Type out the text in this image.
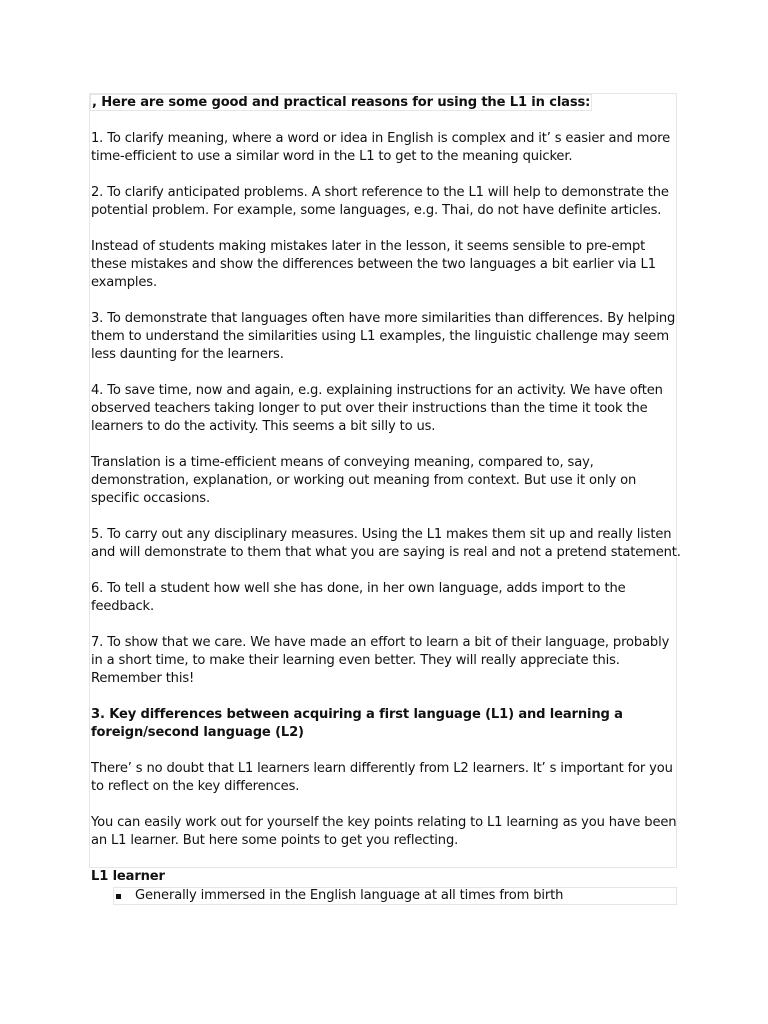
, Here are some good and practical reasons for using the L1 in class:

1. To clarify meaning, where a word or idea in English is complex and it’ s easier and more time-efficient to use a similar word in the L1 to get to the meaning quicker.

2. To clarify anticipated problems. A short reference to the L1 will help to demonstrate the potential problem. For example, some languages, e.g. Thai, do not have definite articles.

Instead of students making mistakes later in the lesson, it seems sensible to pre-empt these mistakes and show the differences between the two languages a bit earlier via L1 examples.

3. To demonstrate that languages often have more similarities than differences. By helping them to understand the similarities using L1 examples, the linguistic challenge may seem less daunting for the learners.

4. To save time, now and again, e.g. explaining instructions for an activity. We have often observed teachers taking longer to put over their instructions than the time it took the learners to do the activity. This seems a bit silly to us.

Translation is a time-efficient means of conveying meaning, compared to, say, demonstration, explanation, or working out meaning from context. But use it only on specific occasions.

5. To carry out any disciplinary measures. Using the L1 makes them sit up and really listen and will demonstrate to them that what you are saying is real and not a pretend statement.

6. To tell a student how well she has done, in her own language, adds import to the feedback.

7. To show that we care. We have made an effort to learn a bit of their language, probably in a short time, to make their learning even better. They will really appreciate this. Remember this!

3. Key differences between acquiring a first language (L1) and learning a foreign/second language (L2)

There’ s no doubt that L1 learners learn differently from L2 learners. It’ s important for you to reflect on the key differences.

You can easily work out for yourself the key points relating to L1 learning as you have been an L1 learner. But here some points to get you reflecting.

L1 learner

Generally immersed in the English language at all times from birth
